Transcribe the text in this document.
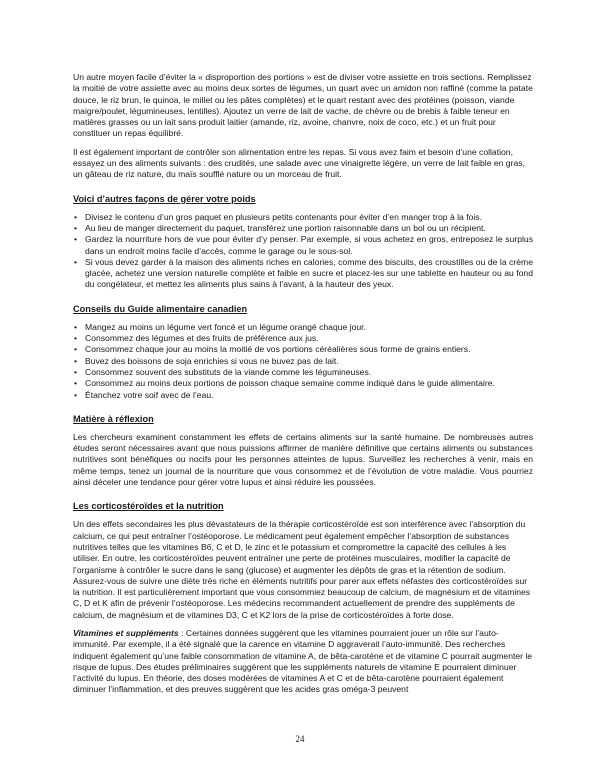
Un autre moyen facile d’éviter la « disproportion des portions » est de diviser votre assiette en trois sections. Remplissez la moitié de votre assiette avec au moins deux sortes de légumes, un quart avec un amidon non raffiné (comme la patate douce, le riz brun, le quinoa, le millet ou les pâtes complètes) et le quart restant avec des protéines (poisson, viande maigre/poulet, légumineuses, lentilles). Ajoutez un verre de lait de vache, de chèvre ou de brebis à faible teneur en matières grasses ou un lait sans produit laitier (amande, riz, avoine, chanvre, noix de coco, etc.) et un fruit pour constituer un repas équilibré.

Il est également important de contrôler son alimentation entre les repas. Si vous avez faim et besoin d’une collation, essayez un des aliments suivants : des crudités, une salade avec une vinaigrette légère, un verre de lait faible en gras, un gâteau de riz nature, du maïs soufflé nature ou un morceau de fruit.

Voici d’autres façons de gérer votre poids
• Divisez le contenu d’un gros paquet en plusieurs petits contenants pour éviter d’en manger trop à la fois.
• Au lieu de manger directement du paquet, transférez une portion raisonnable dans un bol ou un récipient.
• Gardez la nourriture hors de vue pour éviter d’y penser. Par exemple, si vous achetez en gros, entreposez le surplus dans un endroit moins facile d’accès, comme le garage ou le sous-sol.
• Si vous devez garder à la maison des aliments riches en calories, comme des biscuits, des croustilles ou de la crème glacée, achetez une version naturelle complète et faible en sucre et placez-les sur une tablette en hauteur ou au fond du congélateur, et mettez les aliments plus sains à l’avant, à la hauteur des yeux.
Conseils du Guide alimentaire canadien
• Mangez au moins un légume vert foncé et un légume orangé chaque jour.
• Consommez des légumes et des fruits de préférence aux jus.
• Consommez chaque jour au moins la moitié de vos portions céréalières sous forme de grains entiers.
• Buvez des boissons de soja enrichies si vous ne buvez pas de lait.
• Consommez souvent des substituts de la viande comme les légumineuses.
• Consommez au moins deux portions de poisson chaque semaine comme indiqué dans le guide alimentaire.
• Étanchez votre soif avec de l’eau.
Matière à réflexion

Les chercheurs examinent constamment les effets de certains aliments sur la santé humaine. De nombreuses autres études seront nécessaires avant que nous puissions affirmer de manière définitive que certains aliments ou substances nutritives sont bénéfiques ou nocifs pour les personnes atteintes de lupus. Surveillez les recherches à venir, mais en même temps, tenez un journal de la nourriture que vous consommez et de l’évolution de votre maladie. Vous pourriez ainsi déceler une tendance pour gérer votre lupus et ainsi réduire les poussées.

Les corticostéroïdes et la nutrition

Un des effets secondaires les plus dévastateurs de la thérapie corticostéroïde est son interférence avec l’absorption du calcium, ce qui peut entraîner l’ostéoporose. Le médicament peut également empêcher l’absorption de substances nutritives telles que les vitamines B6, C et D, le zinc et le potassium et compromettre la capacité des cellules à les utiliser. En outre, les corticostéroïdes peuvent entraîner une perte de protéines musculaires, modifier la capacité de l’organisme à contrôler le sucre dans le sang (glucose) et augmenter les dépôts de gras et la rétention de sodium. Assurez-vous de suivre une diète très riche en éléments nutritifs pour parer aux effets néfastes des corticostéroïdes sur la nutrition. Il est particulièrement important que vous consommiez beaucoup de calcium, de magnésium et de vitamines C, D et K afin de prévenir l’ostéoporose. Les médecins recommandent actuellement de prendre des suppléments de calcium, de magnésium et de vitamines D3, C et K2 lors de la prise de corticostéroïdes à forte dose.

Vitamines et suppléments : Certaines données suggèrent que les vitamines pourraient jouer un rôle sur l’auto-immunité. Par exemple, il a été signalé que la carence en vitamine D aggraverait l’auto-immunité. Des recherches indiquent également qu’une faible consommation de vitamine A, de bêta-carotène et de vitamine C pourrait augmenter le risque de lupus. Des études préliminaires suggèrent que les suppléments naturels de vitamine E pourraient diminuer l’activité du lupus. En théorie, des doses modérées de vitamines A et C et de bêta-carotène pourraient également diminuer l’inflammation, et des preuves suggèrent que les acides gras oméga-3 peuvent

24
